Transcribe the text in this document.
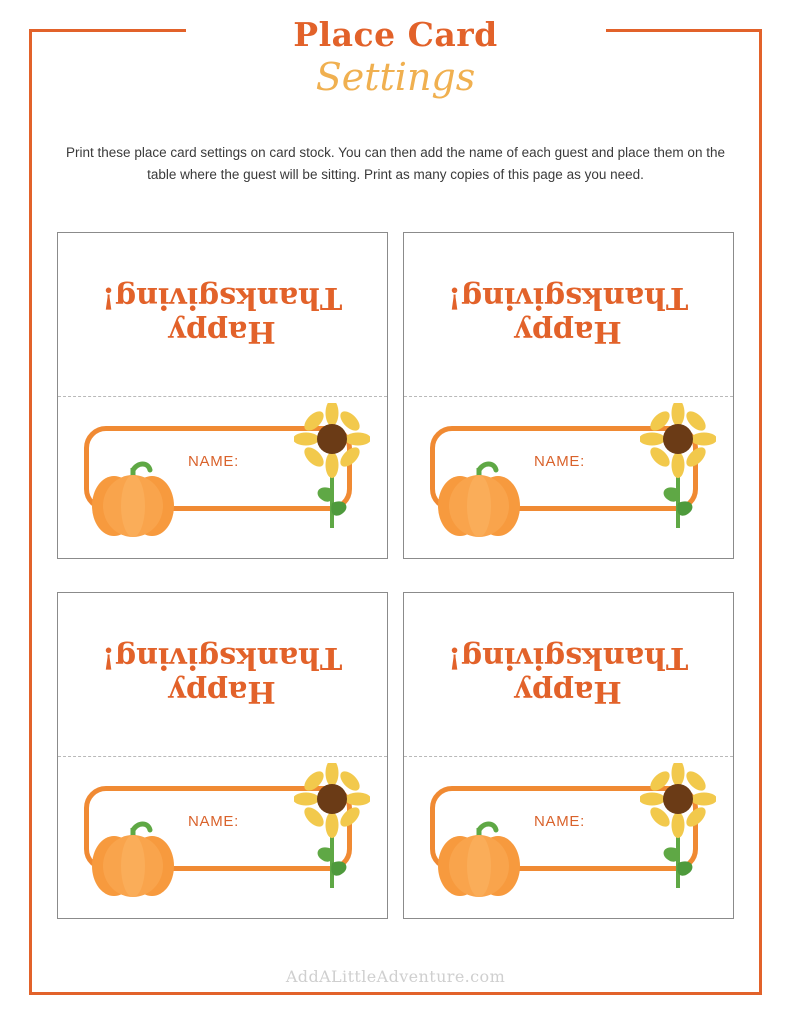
Place Card
Settings
Print these place card settings on card stock. You can then add the name of each guest and place them on the table where the guest will be sitting. Print as many copies of this page as you need.
Happy
Thanksgiving!
NAME:
Happy
Thanksgiving!
NAME:
Happy
Thanksgiving!
NAME:
Happy
Thanksgiving!
NAME:
AddALittleAdventure.com
